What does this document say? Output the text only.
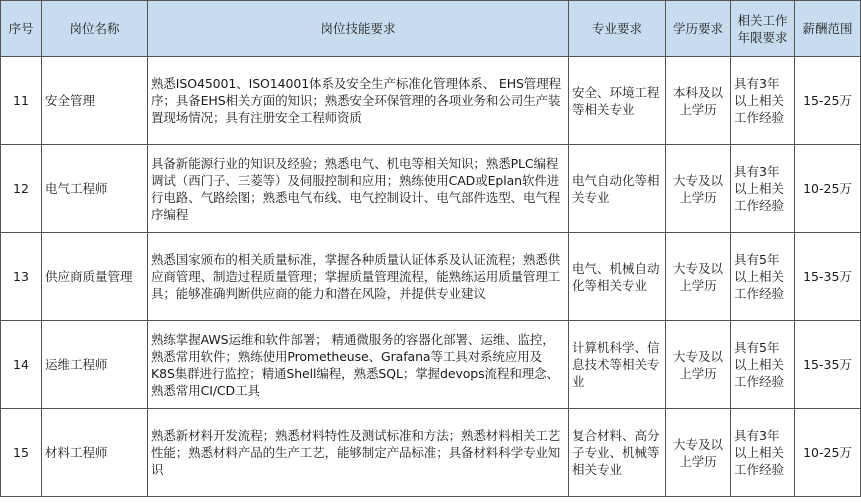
序号	岗位名称	岗位技能要求	专业要求	学历要求	相关工作年限要求	薪酬范围
11	安全管理	熟悉ISO45001、ISO14001体系及安全生产标准化管理体系、 EHS管理程序；具备EHS相关方面的知识；熟悉安全环保管理的各项业务和公司生产装置现场情况；具有注册安全工程师资质	安全、环境工程等相关专业	本科及以上学历	具有3年以上相关工作经验	15-25万
12	电气工程师	具备新能源行业的知识及经验；熟悉电气、机电等相关知识；熟悉PLC编程调试（西门子、三菱等）及伺服控制和应用；熟练使用CAD或Eplan软件进行电路、气路绘图；熟悉电气布线、电气控制设计、电气部件选型、电气程序编程	电气自动化等相关专业	大专及以上学历	具有3年以上相关工作经验	10-25万
13	供应商质量管理	熟悉国家颁布的相关质量标准，掌握各种质量认证体系及认证流程；熟悉供应商管理、制造过程质量管理；掌握质量管理流程，能熟练运用质量管理工具；能够准确判断供应商的能力和潜在风险，并提供专业建议	电气、机械自动化等相关专业	大专及以上学历	具有5年以上相关工作经验	15-35万
14	运维工程师	熟练掌握AWS运维和软件部署； 精通微服务的容器化部署、运维、监控，熟悉常用软件；熟练使用Prometheuse、Grafana等工具对系统应用及K8S集群进行监控；精通Shell编程，熟悉SQL；掌握devops流程和理念、熟悉常用CI/CD工具	计算机科学、信息技术等相关专业	大专及以上学历	具有5年以上相关工作经验	15-35万
15	材料工程师	熟悉新材料开发流程；熟悉材料特性及测试标准和方法；熟悉材料相关工艺性能；熟悉材料产品的生产工艺，能够制定产品标准；具备材料科学专业知识	复合材料、高分子专业、机械等相关专业	大专及以上学历	具有3年以上相关工作经验	10-25万
